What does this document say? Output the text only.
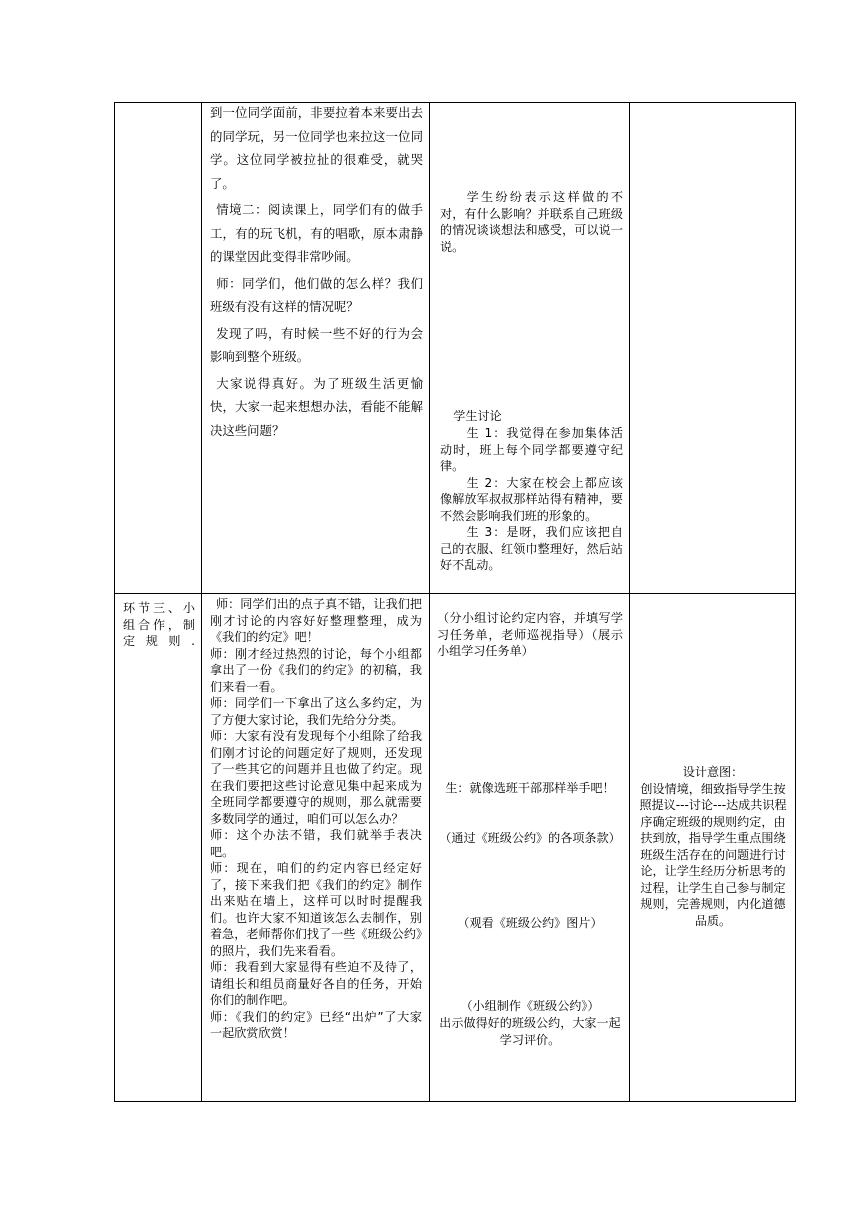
到一位同学面前，非要拉着本来要出去的同学玩，另一位同学也来拉这一位同学。这位同学被拉扯的很难受，就哭了。

情境二：阅读课上，同学们有的做手工，有的玩飞机，有的唱歌，原本肃静的课堂因此变得非常吵闹。

师：同学们，他们做的怎么样？我们班级有没有这样的情况呢？

发现了吗，有时候一些不好的行为会影响到整个班级。

大家说得真好。为了班级生活更愉快，大家一起来想想办法，看能不能解决这些问题？

学生纷纷表示这样做的不对，有什么影响？并联系自己班级的情况谈谈想法和感受，可以说一说。

学生讨论

生 1：我觉得在参加集体活动时，班上每个同学都要遵守纪律。

生 2：大家在校会上都应该像解放军叔叔那样站得有精神，要不然会影响我们班的形象的。

生 3：是呀，我们应该把自己的衣服、红领巾整理好，然后站好不乱动。

环节三、小组合作，制定规则.

师：同学们出的点子真不错，让我们把刚才讨论的内容好好整理整理，成为《我们的约定》吧！

师：刚才经过热烈的讨论，每个小组都拿出了一份《我们的约定》的初稿，我们来看一看。

师：同学们一下拿出了这么多约定，为了方便大家讨论，我们先给分分类。

师：大家有没有发现每个小组除了给我们刚才讨论的问题定好了规则，还发现了一些其它的问题并且也做了约定。现在我们要把这些讨论意见集中起来成为全班同学都要遵守的规则，那么就需要多数同学的通过，咱们可以怎么办？

师：这个办法不错，我们就举手表决吧。

师：现在，咱们的约定内容已经定好了，接下来我们把《我们的约定》制作出来贴在墙上，这样可以时时提醒我们。也许大家不知道该怎么去制作，别着急，老师帮你们找了一些《班级公约》的照片，我们先来看看。

师：我看到大家显得有些迫不及待了，请组长和组员商量好各自的任务，开始你们的制作吧。

师：《我们的约定》已经“出炉”了大家一起欣赏欣赏！

（分小组讨论约定内容，并填写学习任务单，老师巡视指导）（展示小组学习任务单）

生：就像选班干部那样举手吧！

（通过《班级公约》的各项条款）

（观看《班级公约》图片）

（小组制作《班级公约》）

出示做得好的班级公约，大家一起学习评价。

设计意图：

创设情境，细致指导学生按照提议---讨论---达成共识程序确定班级的规则约定，由扶到放，指导学生重点围绕班级生活存在的问题进行讨论，让学生经历分析思考的过程，让学生自己参与制定规则，完善规则，内化道德品质。
